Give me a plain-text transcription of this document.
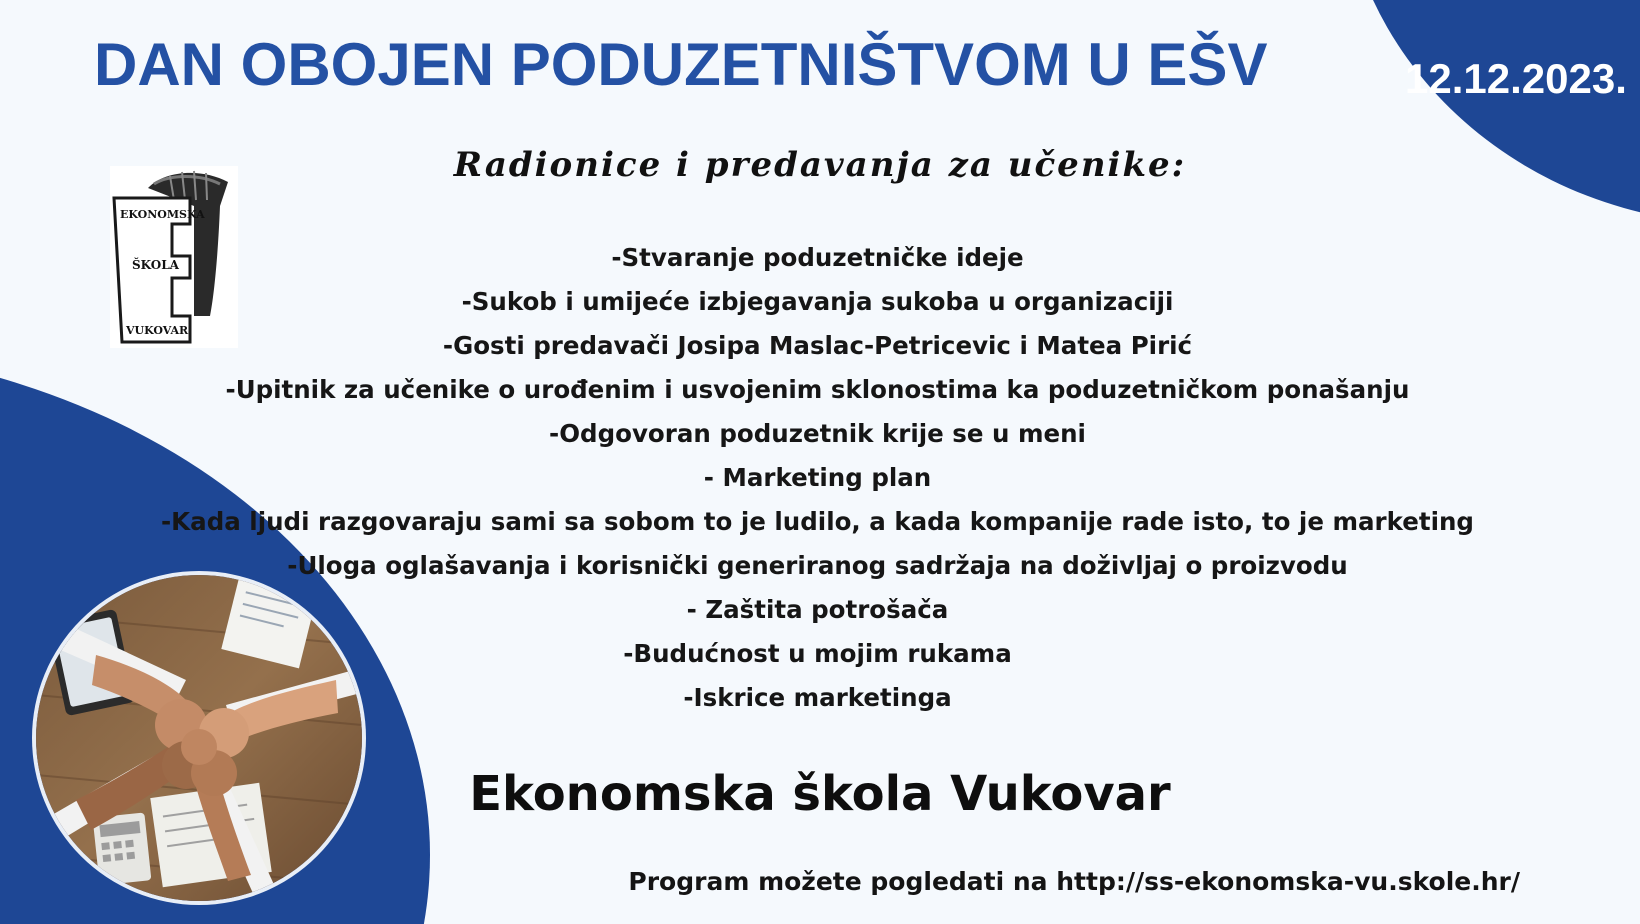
DAN OBOJEN PODUZETNIŠTVOM U EŠV	12.12.2023.
EKONOMSKA
ŠKOLA
VUKOVAR
Radionice i predavanja za učenike:
-Stvaranje poduzetničke ideje
-Sukob i umijeće izbjegavanja sukoba u organizaciji
-Gosti predavači Josipa Maslac-Petricevic i Matea Pirić
-Upitnik za učenike o urođenim i usvojenim sklonostima ka poduzetničkom ponašanju
-Odgovoran poduzetnik krije se u meni
- Marketing plan
-Kada ljudi razgovaraju sami sa sobom to je ludilo, a kada kompanije rade isto, to je marketing
-Uloga oglašavanja i korisnički generiranog sadržaja na doživljaj o proizvodu
- Zaštita potrošača
-Budućnost u mojim rukama
-Iskrice marketinga
Ekonomska škola Vukovar
Program možete pogledati na http://ss-ekonomska-vu.skole.hr/
